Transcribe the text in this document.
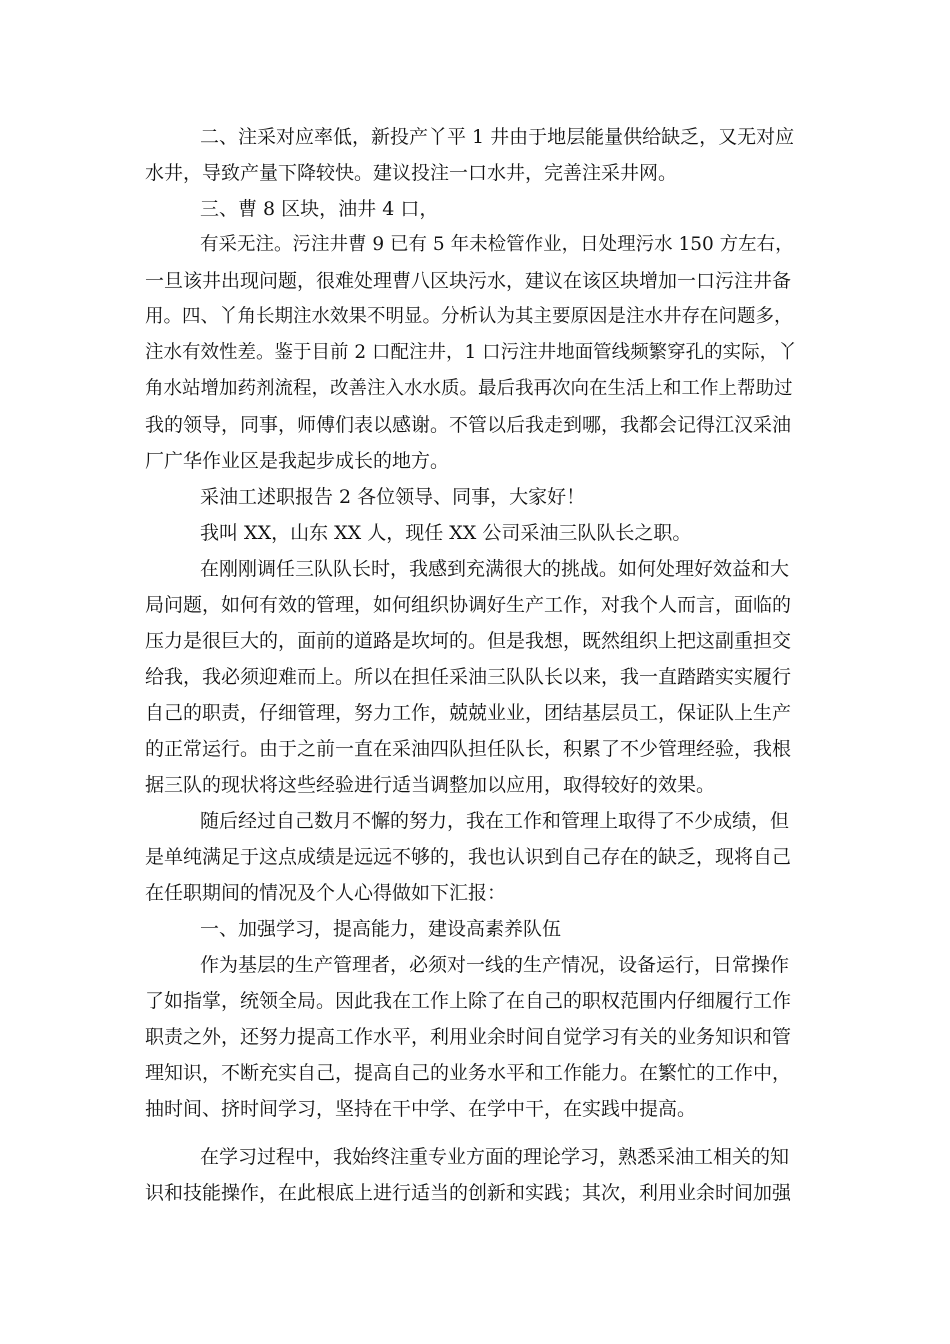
二、注采对应率低，新投产丫平 1 井由于地层能量供给缺乏，又无对应
水井，导致产量下降较快。建议投注一口水井，完善注采井网。
三、曹 8 区块，油井 4 口，
有采无注。污注井曹 9 已有 5 年未检管作业，日处理污水 150 方左右，
一旦该井出现问题，很难处理曹八区块污水，建议在该区块增加一口污注井备
用。四、丫角长期注水效果不明显。分析认为其主要原因是注水井存在问题多，
注水有效性差。鉴于目前 2 口配注井，1 口污注井地面管线频繁穿孔的实际，丫
角水站增加药剂流程，改善注入水水质。最后我再次向在生活上和工作上帮助过
我的领导，同事，师傅们表以感谢。不管以后我走到哪，我都会记得江汉采油
厂广华作业区是我起步成长的地方。
采油工述职报告 2 各位领导、同事，大家好！
我叫 XX，山东 XX 人，现任 XX 公司采油三队队长之职。
在刚刚调任三队队长时，我感到充满很大的挑战。如何处理好效益和大
局问题，如何有效的管理，如何组织协调好生产工作，对我个人而言，面临的
压力是很巨大的，面前的道路是坎坷的。但是我想，既然组织上把这副重担交
给我，我必须迎难而上。所以在担任采油三队队长以来，我一直踏踏实实履行
自己的职责，仔细管理，努力工作，兢兢业业，团结基层员工，保证队上生产
的正常运行。由于之前一直在采油四队担任队长，积累了不少管理经验，我根
据三队的现状将这些经验进行适当调整加以应用，取得较好的效果。
随后经过自己数月不懈的努力，我在工作和管理上取得了不少成绩，但
是单纯满足于这点成绩是远远不够的，我也认识到自己存在的缺乏，现将自己
在任职期间的情况及个人心得做如下汇报：
一、加强学习，提高能力，建设高素养队伍
作为基层的生产管理者，必须对一线的生产情况，设备运行，日常操作
了如指掌，统领全局。因此我在工作上除了在自己的职权范围内仔细履行工作
职责之外，还努力提高工作水平，利用业余时间自觉学习有关的业务知识和管
理知识，不断充实自己，提高自己的业务水平和工作能力。在繁忙的工作中，
抽时间、挤时间学习，坚持在干中学、在学中干，在实践中提高。
在学习过程中，我始终注重专业方面的理论学习，熟悉采油工相关的知
识和技能操作，在此根底上进行适当的创新和实践；其次，利用业余时间加强
